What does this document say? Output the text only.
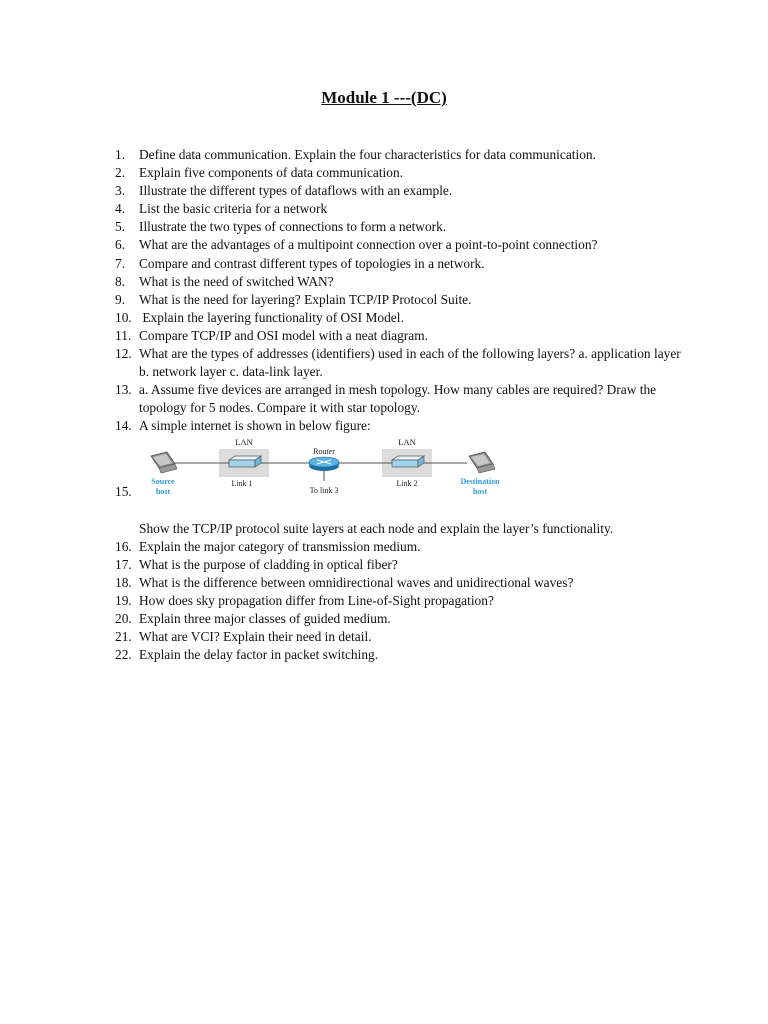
Module 1 ---(DC)
1.	Define data communication. Explain the four characteristics for data communication.
2.	Explain five components of data communication.
3.	Illustrate the different types of dataflows with an example.
4.	List the basic criteria for a network
5.	Illustrate the two types of connections to form a network.
6.	What are the advantages of a multipoint connection over a point-to-point connection?
7.	Compare and contrast different types of topologies in a network.
8.	What is the need of switched WAN?
9.	What is the need for layering? Explain TCP/IP Protocol Suite.
10. Explain the layering functionality of OSI Model.
11. Compare TCP/IP and OSI model with a neat diagram.
12. What are the types of addresses (identifiers) used in each of the following layers? a. application layer b. network layer c. data-link layer.
13. a. Assume five devices are arranged in mesh topology. How many cables are required? Draw the topology for 5 nodes. Compare it with star topology.
14. A simple internet is shown in below figure:
15.
LAN	LAN
Router
Source
host
Link 1
To link 3
Link 2	Destination
host
Show the TCP/IP protocol suite layers at each node and explain the layer’s functionality.
16. Explain the major category of transmission medium.
17. What is the purpose of cladding in optical fiber?
18. What is the difference between omnidirectional waves and unidirectional waves?
19. How does sky propagation differ from Line-of-Sight propagation?
20. Explain three major classes of guided medium.
21. What are VCI? Explain their need in detail.
22. Explain the delay factor in packet switching.
